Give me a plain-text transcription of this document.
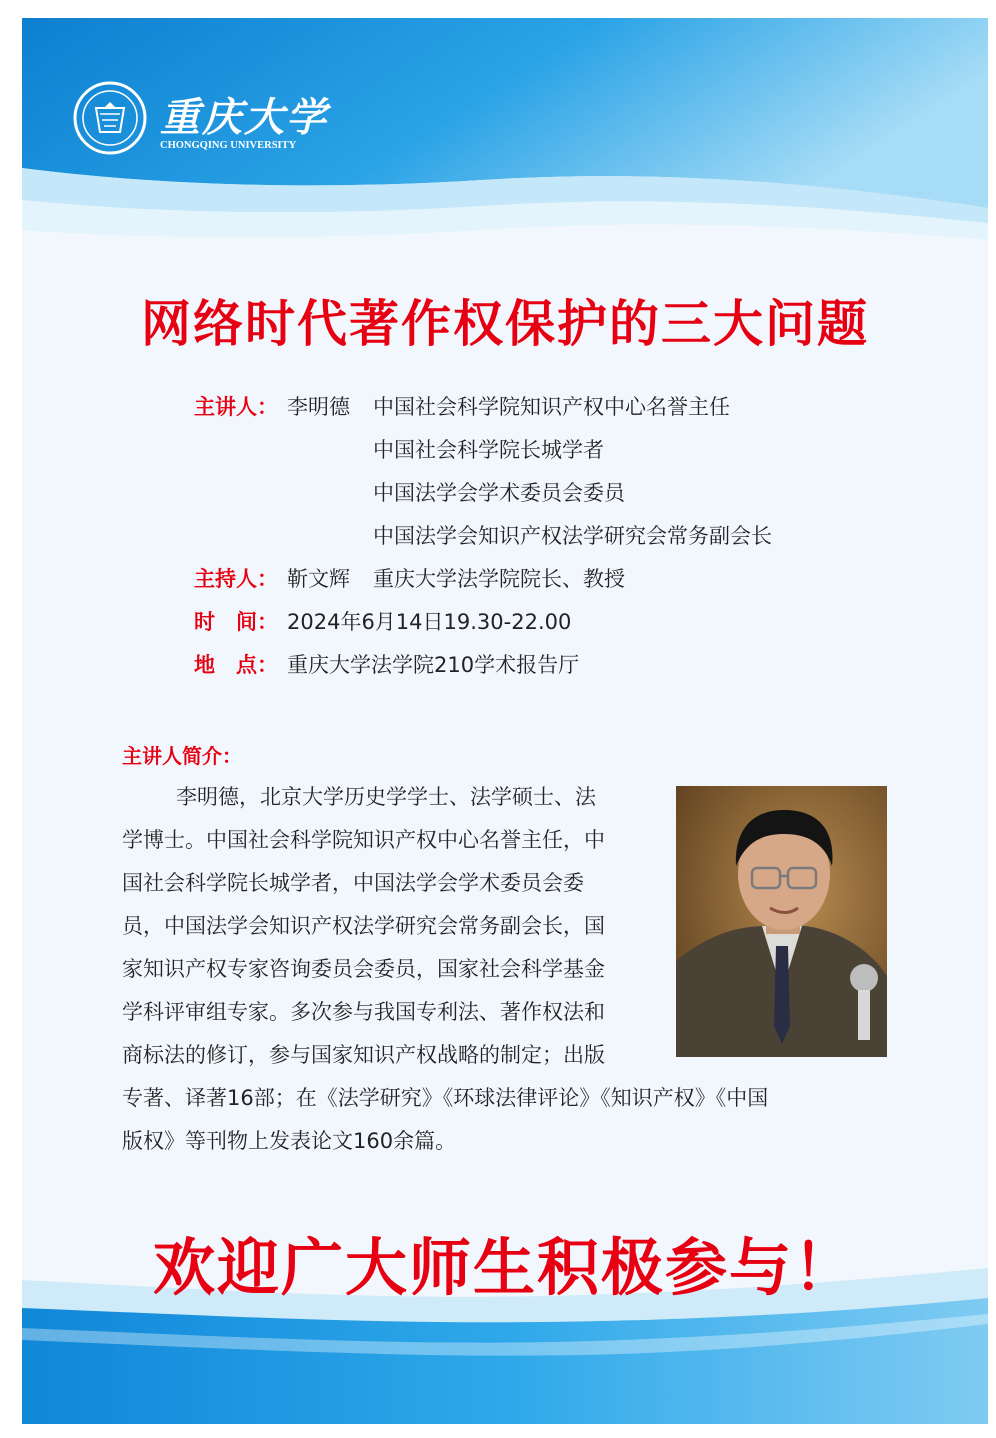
重庆大学
CHONGQING UNIVERSITY
网络时代著作权保护的三大问题
主讲人： 李明德 中国社会科学院知识产权中心名誉主任
中国社会科学院长城学者
中国法学会学术委员会委员
中国法学会知识产权法学研究会常务副会长
主持人： 靳文辉 重庆大学法学院院长、教授
时　间： 2024年6月14日19.30-22.00
地　点： 重庆大学法学院210学术报告厅
主讲人简介：
李明德，北京大学历史学学士、法学硕士、法
学博士。中国社会科学院知识产权中心名誉主任，中
国社会科学院长城学者，中国法学会学术委员会委
员，中国法学会知识产权法学研究会常务副会长，国
家知识产权专家咨询委员会委员，国家社会科学基金
学科评审组专家。多次参与我国专利法、著作权法和
商标法的修订，参与国家知识产权战略的制定；出版
专著、译著16部；在《法学研究》《环球法律评论》《知识产权》《中国
版权》等刊物上发表论文160余篇。
欢迎广大师生积极参与！
